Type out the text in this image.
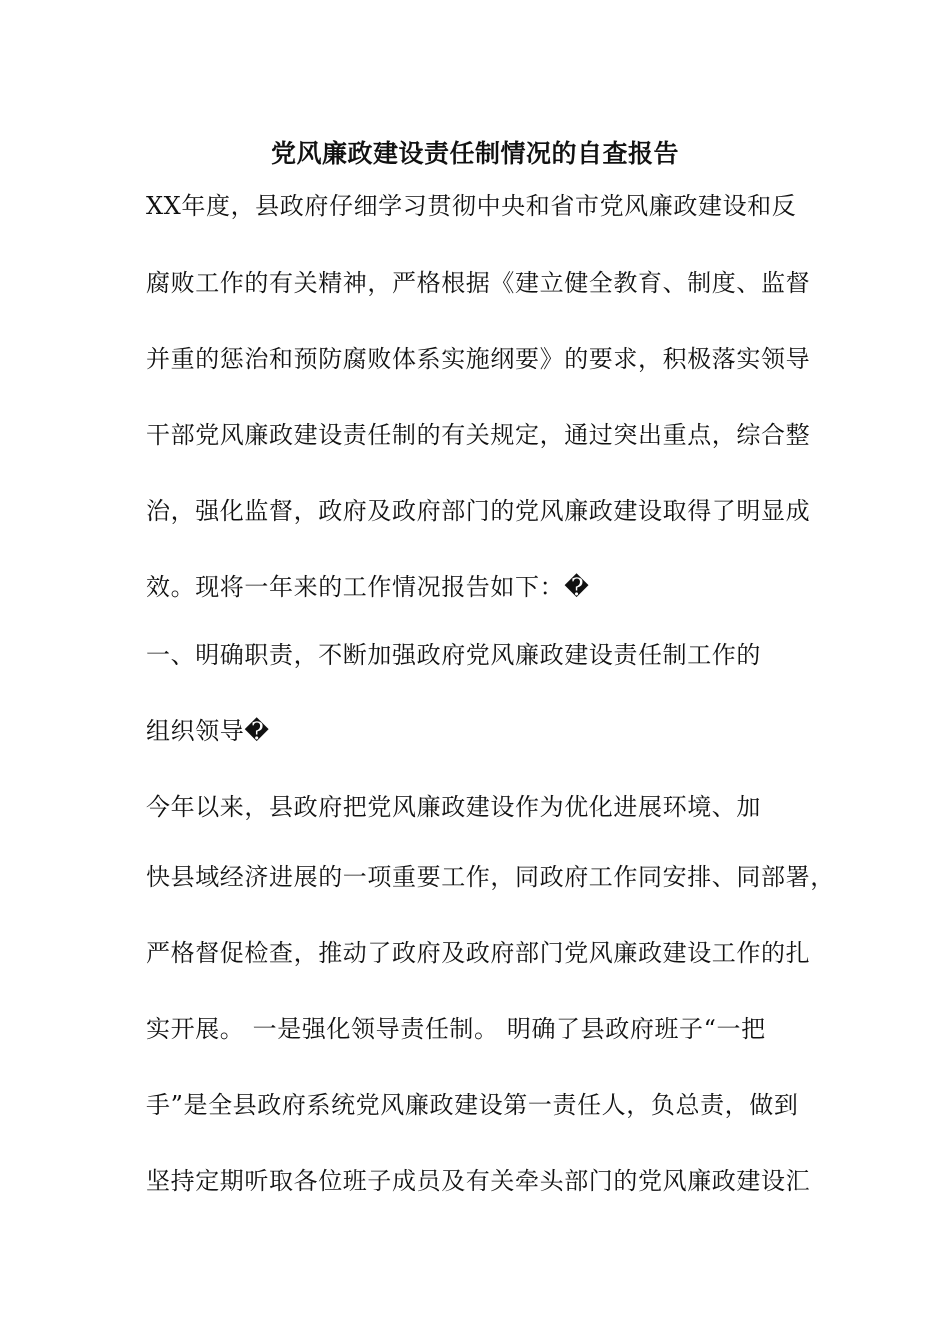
党风廉政建设责任制情况的自查报告
XX年度，县政府仔细学习贯彻中央和省市党风廉政建设和反
腐败工作的有关精神，严格根据《建立健全教育、制度、监督
并重的惩治和预防腐败体系实施纲要》的要求，积极落实领导
干部党风廉政建设责任制的有关规定，通过突出重点，综合整
治，强化监督，政府及政府部门的党风廉政建设取得了明显成
效。现将一年来的工作情况报告如下：�
一、明确职责，不断加强政府党风廉政建设责任制工作的
组织领导�
今年以来，县政府把党风廉政建设作为优化进展环境、加
快县域经济进展的一项重要工作，同政府工作同安排、同部署，
严格督促检查，推动了政府及政府部门党风廉政建设工作的扎
实开展。 一是强化领导责任制。 明确了县政府班子“一把
手”是全县政府系统党风廉政建设第一责任人，负总责，做到
坚持定期听取各位班子成员及有关牵头部门的党风廉政建设汇
